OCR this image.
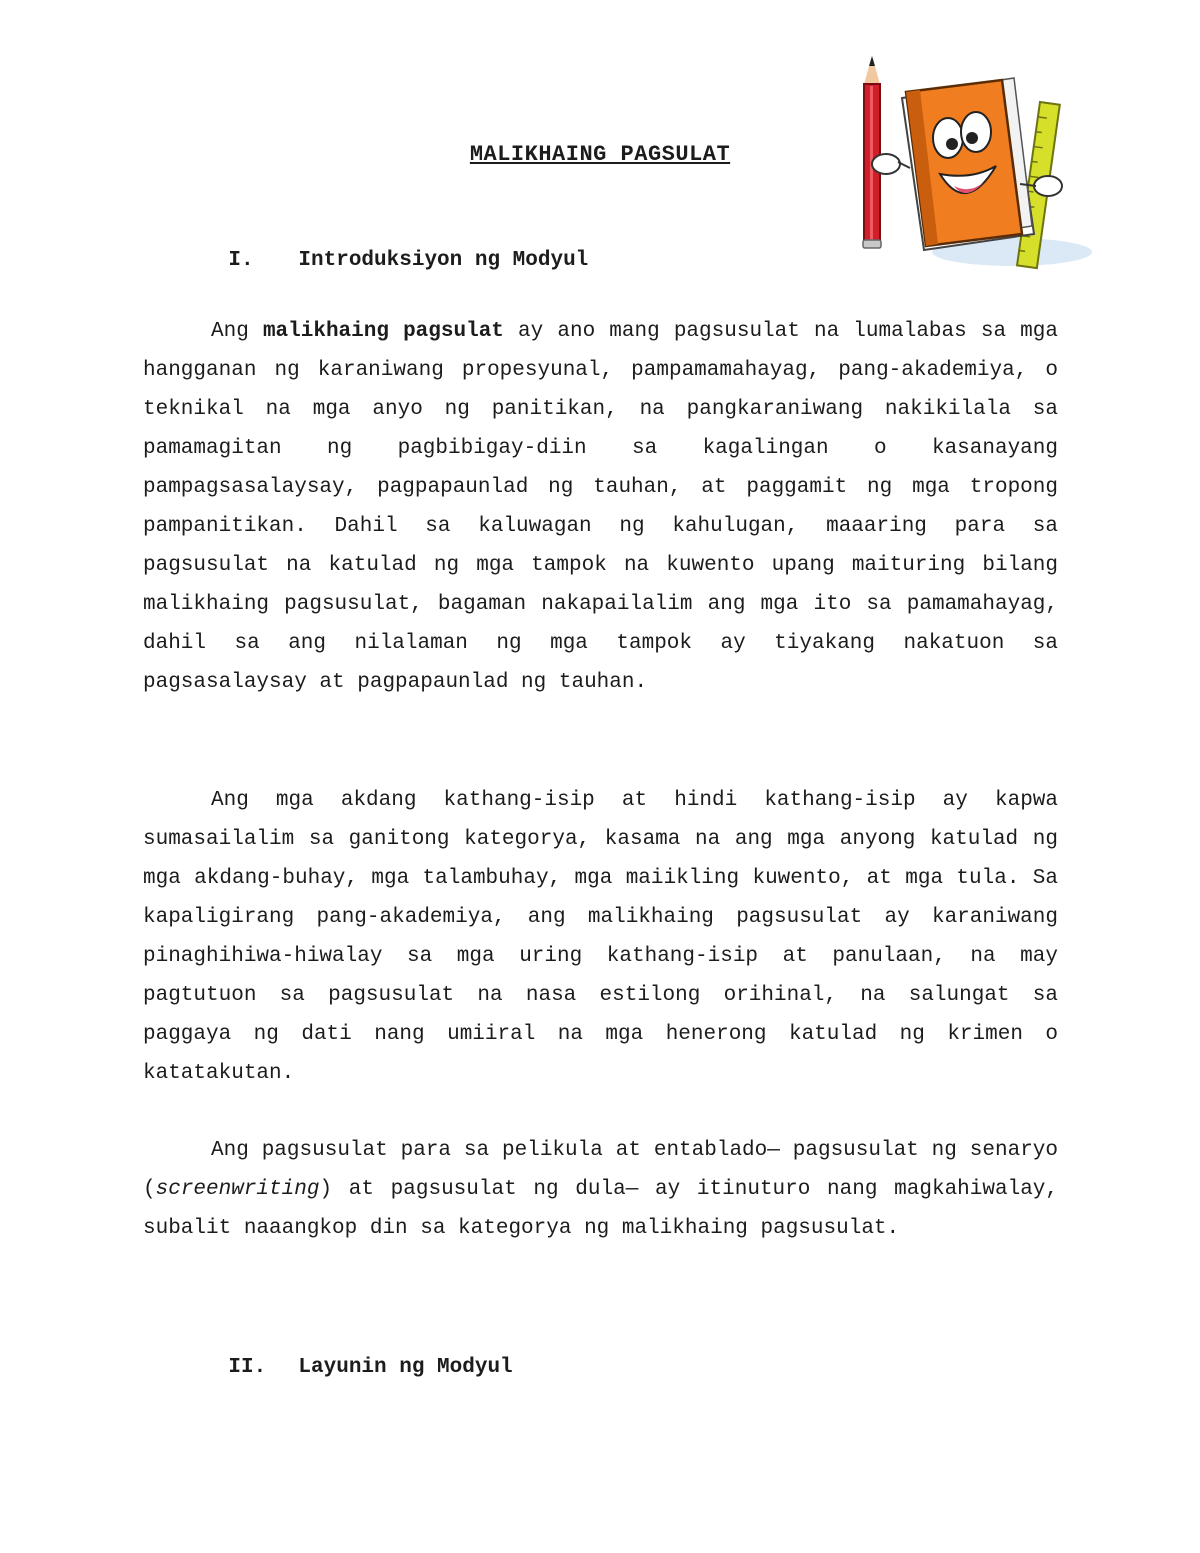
MALIKHAING PAGSULAT

I. Introduksiyon ng Modyul

Ang malikhaing pagsulat ay ano mang pagsusulat na lumalabas sa mga hangganan ng karaniwang propesyunal, pampamamahayag, pang-akademiya, o teknikal na mga anyo ng panitikan, na pangkaraniwang nakikilala sa pamamagitan ng pagbibigay-diin sa kagalingan o kasanayang pampagsasalaysay, pagpapaunlad ng tauhan, at paggamit ng mga tropong pampanitikan. Dahil sa kaluwagan ng kahulugan, maaaring para sa pagsusulat na katulad ng mga tampok na kuwento upang maituring bilang malikhaing pagsusulat, bagaman nakapailalim ang mga ito sa pamamahayag, dahil sa ang nilalaman ng mga tampok ay tiyakang nakatuon sa pagsasalaysay at pagpapaunlad ng tauhan.

Ang mga akdang kathang-isip at hindi kathang-isip ay kapwa sumasailalim sa ganitong kategorya, kasama na ang mga anyong katulad ng mga akdang-buhay, mga talambuhay, mga maiikling kuwento, at mga tula. Sa kapaligirang pang-akademiya, ang malikhaing pagsusulat ay karaniwang pinaghihiwa-hiwalay sa mga uring kathang-isip at panulaan, na may pagtutuon sa pagsusulat na nasa estilong orihinal, na salungat sa paggaya ng dati nang umiiral na mga henerong katulad ng krimen o katatakutan.

Ang pagsusulat para sa pelikula at entablado— pagsusulat ng senaryo (screenwriting) at pagsusulat ng dula— ay itinuturo nang magkahiwalay, subalit naaangkop din sa kategorya ng malikhaing pagsusulat.

II. Layunin ng Modyul
